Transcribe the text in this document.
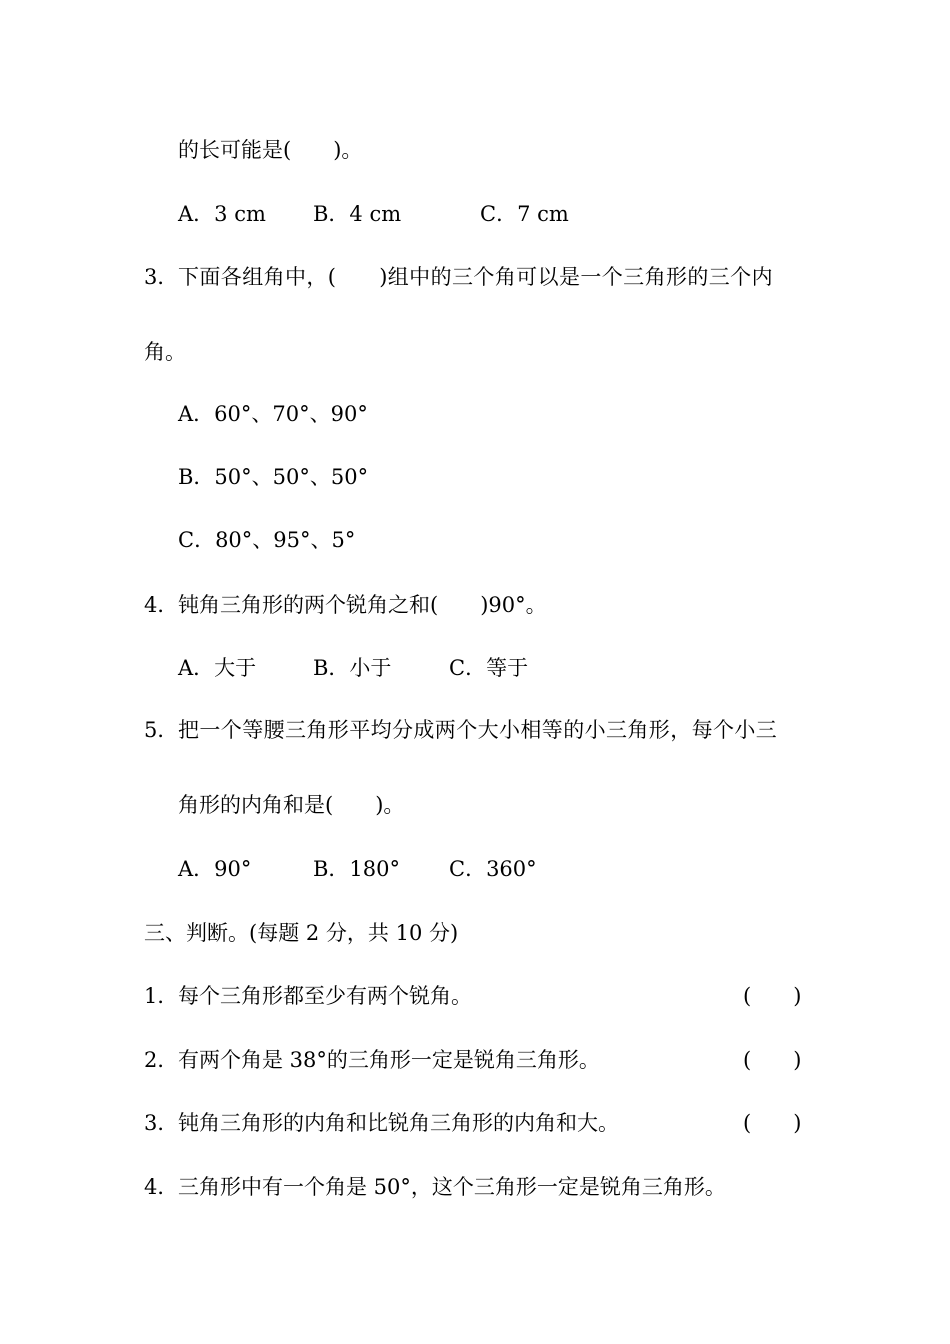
的长可能是(　　)。
A．3 cm B．4 cm	C．7 cm
3． 下面各组角中，(　　)组中的三个角可以是一个三角形的三个内
角。
A．60°、70°、90°
B．50°、50°、50°
C．80°、95°、5°
4． 钝角三角形的两个锐角之和(　　)90°。
A．大于	B．小于	C．等于
5． 把一个等腰三角形平均分成两个大小相等的小三角形，每个小三
角形的内角和是(　　)。
A．90°	B．180° C．360°
三、判断。(每题 2 分，共 10 分)
1． 每个三角形都至少有两个锐角。	(　　)
2． 有两个角是 38°的三角形一定是锐角三角形。	(　　)
3． 钝角三角形的内角和比锐角三角形的内角和大。	(　　)
4． 三角形中有一个角是 50°，这个三角形一定是锐角三角形。
